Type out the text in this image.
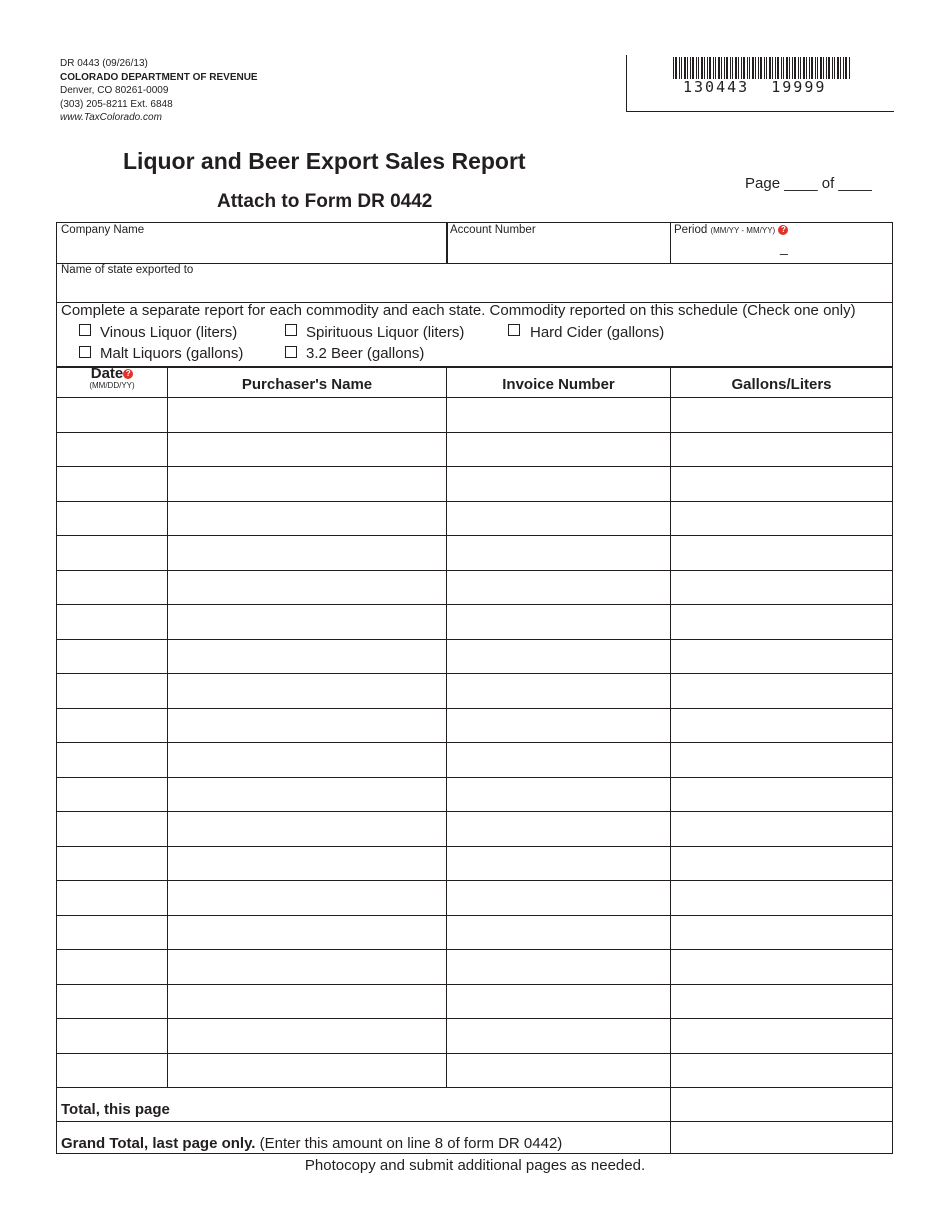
DR 0443 (09/26/13)
COLORADO DEPARTMENT OF REVENUE
Denver, CO 80261-0009
(303) 205-8211 Ext. 6848
www.TaxColorado.com
130443  19999
Liquor and Beer Export Sales Report
Attach to Form DR 0442
Page ____ of ____
Company Name	Account Number	Period (MM/YY - MM/YY) ?
_
Name of state exported to
Complete a separate report for each commodity and each state. Commodity reported on this schedule (Check one only)
Vinous Liquor (liters)	Spirituous Liquor (liters)	Hard Cider (gallons)
Malt Liquors (gallons)	3.2 Beer (gallons)
Date ?
(MM/DD/YY)	Purchaser's Name	Invoice Number	Gallons/Liters
Total, this page
Grand Total, last page only. (Enter this amount on line 8 of form DR 0442)
Photocopy and submit additional pages as needed.
